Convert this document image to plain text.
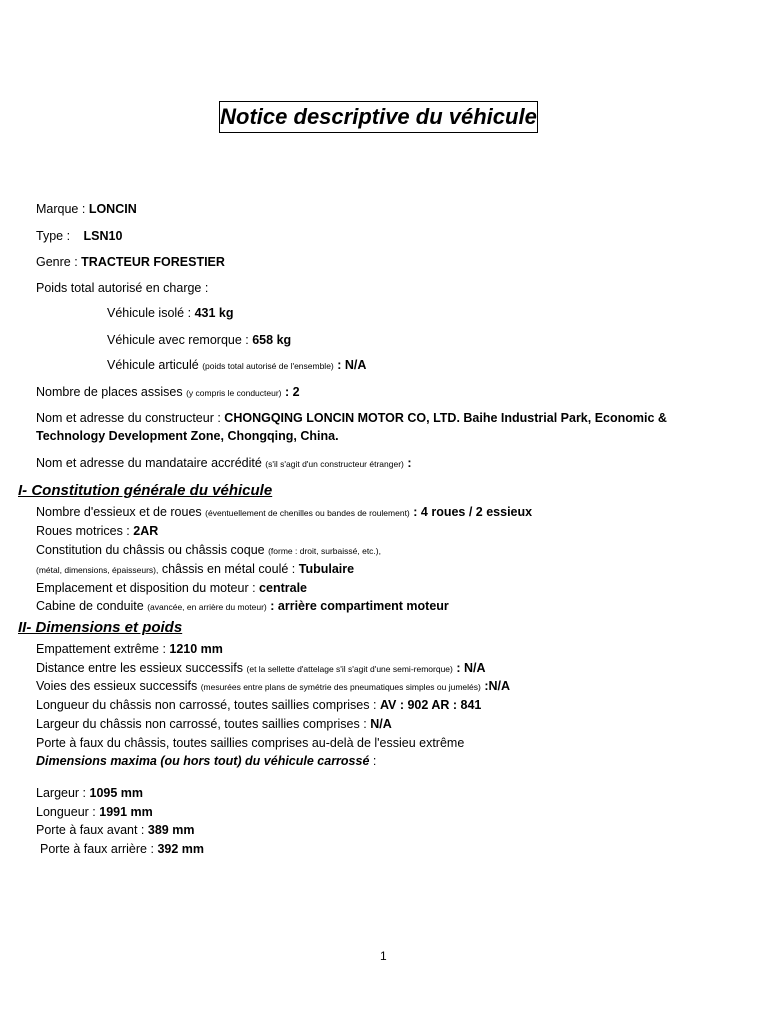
Notice descriptive du véhicule
Marque : LONCIN
Type : LSN10
Genre : TRACTEUR FORESTIER
Poids total autorisé en charge :
Véhicule isolé : 431 kg
Véhicule avec remorque : 658 kg
Véhicule articulé (poids total autorisé de l'ensemble) : N/A
Nombre de places assises (y compris le conducteur) : 2
Nom et adresse du constructeur : CHONGQING LONCIN MOTOR CO, LTD. Baihe Industrial Park, Economic &
Technology Development Zone, Chongqing, China.
Nom et adresse du mandataire accrédité (s'il s'agit d'un constructeur étranger) :
I- Constitution générale du véhicule
Nombre d'essieux et de roues (éventuellement de chenilles ou bandes de roulement) : 4 roues / 2 essieux
Roues motrices : 2AR
Constitution du châssis ou châssis coque (forme : droit, surbaissé, etc.),
(métal, dimensions, épaisseurs), châssis en métal coulé : Tubulaire
Emplacement et disposition du moteur : centrale
Cabine de conduite (avancée, en arrière du moteur) : arrière compartiment moteur
II- Dimensions et poids
Empattement extrême : 1210 mm
Distance entre les essieux successifs (et la sellette d'attelage s'il s'agit d'une semi-remorque) : N/A
Voies des essieux successifs (mesurées entre plans de symétrie des pneumatiques simples ou jumelés) :N/A
Longueur du châssis non carrossé, toutes saillies comprises : AV : 902 AR : 841
Largeur du châssis non carrossé, toutes saillies comprises : N/A
Porte à faux du châssis, toutes saillies comprises au-delà de l'essieu extrême
Dimensions maxima (ou hors tout) du véhicule carrossé :
Largeur : 1095 mm
Longueur : 1991 mm
Porte à faux avant : 389 mm
Porte à faux arrière : 392 mm
1
